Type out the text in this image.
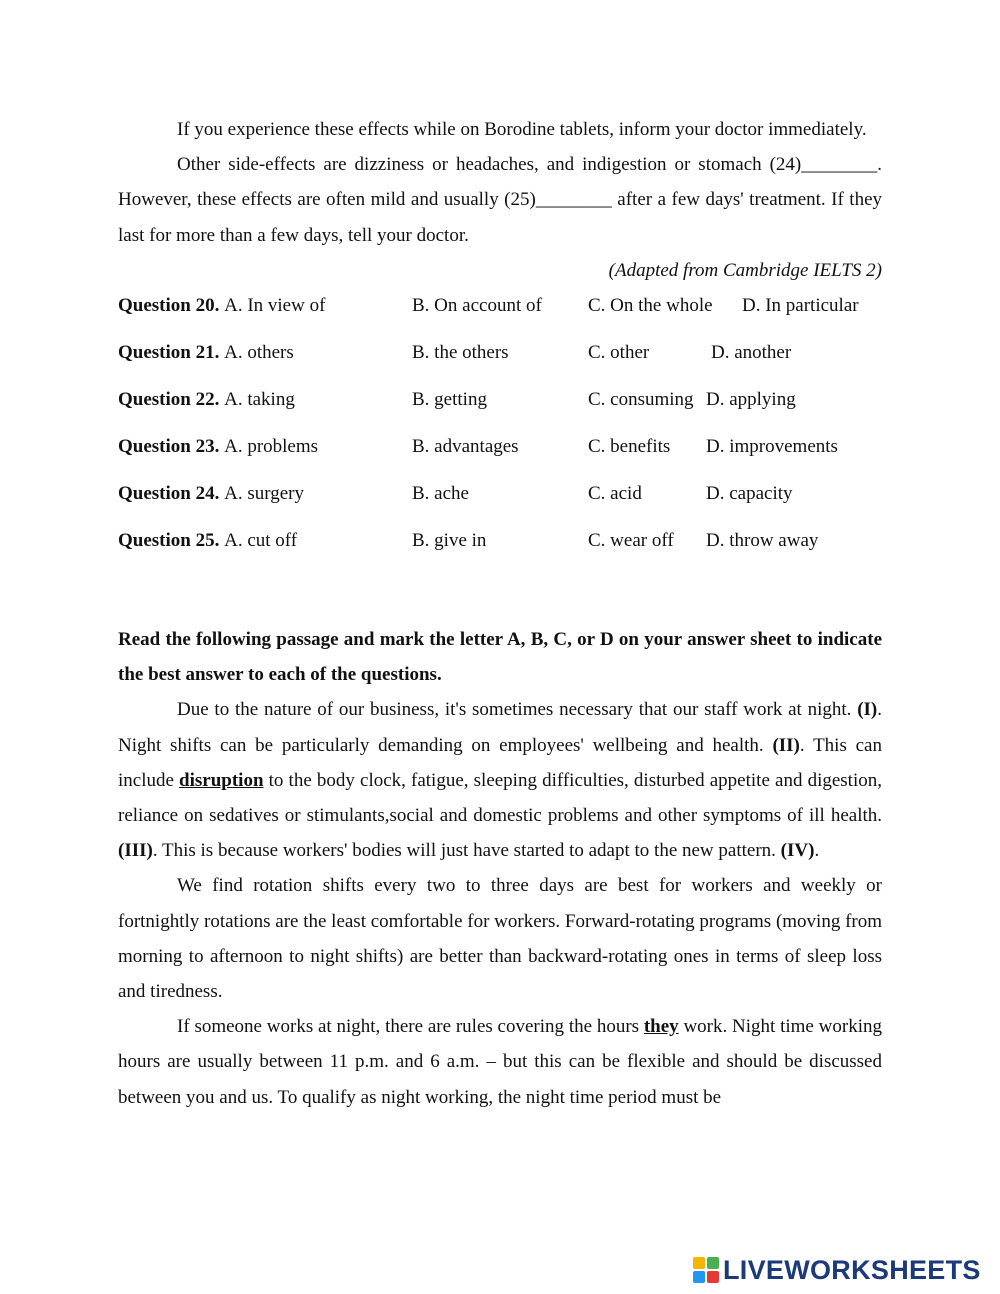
If you experience these effects while on Borodine tablets, inform your doctor immediately.

Other side-effects are dizziness or headaches, and indigestion or stomach (24)________. However, these effects are often mild and usually (25)________ after a few days' treatment. If they last for more than a few days, tell your doctor.

(Adapted from Cambridge IELTS 2)

Question 20.
A. In view of	B. On account of	C. On the whole	D. In particular
Question 21.
A. others	B. the others	C. other	D. another
Question 22.
A. taking	B. getting	C. consuming D. applying
Question 23.
A. problems	B. advantages	C. benefits	D. improvements
Question 24.
A. surgery	B. ache	C. acid	D. capacity
Question 25.
A. cut off	B. give in	C. wear off	D. throw away

Read the following passage and mark the letter A, B, C, or D on your answer sheet to indicate the best answer to each of the questions.

Due to the nature of our business, it's sometimes necessary that our staff work at night. (I). Night shifts can be particularly demanding on employees' wellbeing and health. (II). This can include disruption to the body clock, fatigue, sleeping difficulties, disturbed appetite and digestion, reliance on sedatives or stimulants,social and domestic problems and other symptoms of ill health. (III). This is because workers' bodies will just have started to adapt to the new pattern. (IV).

We find rotation shifts every two to three days are best for workers and weekly or fortnightly rotations are the least comfortable for workers. Forward-rotating programs (moving from morning to afternoon to night shifts) are better than backward-rotating ones in terms of sleep loss and tiredness.

If someone works at night, there are rules covering the hours they work. Night time working hours are usually between 11 p.m. and 6 a.m. – but this can be flexible and should be discussed between you and us. To qualify as night working, the night time period must be

LIVEWORKSHEETS
